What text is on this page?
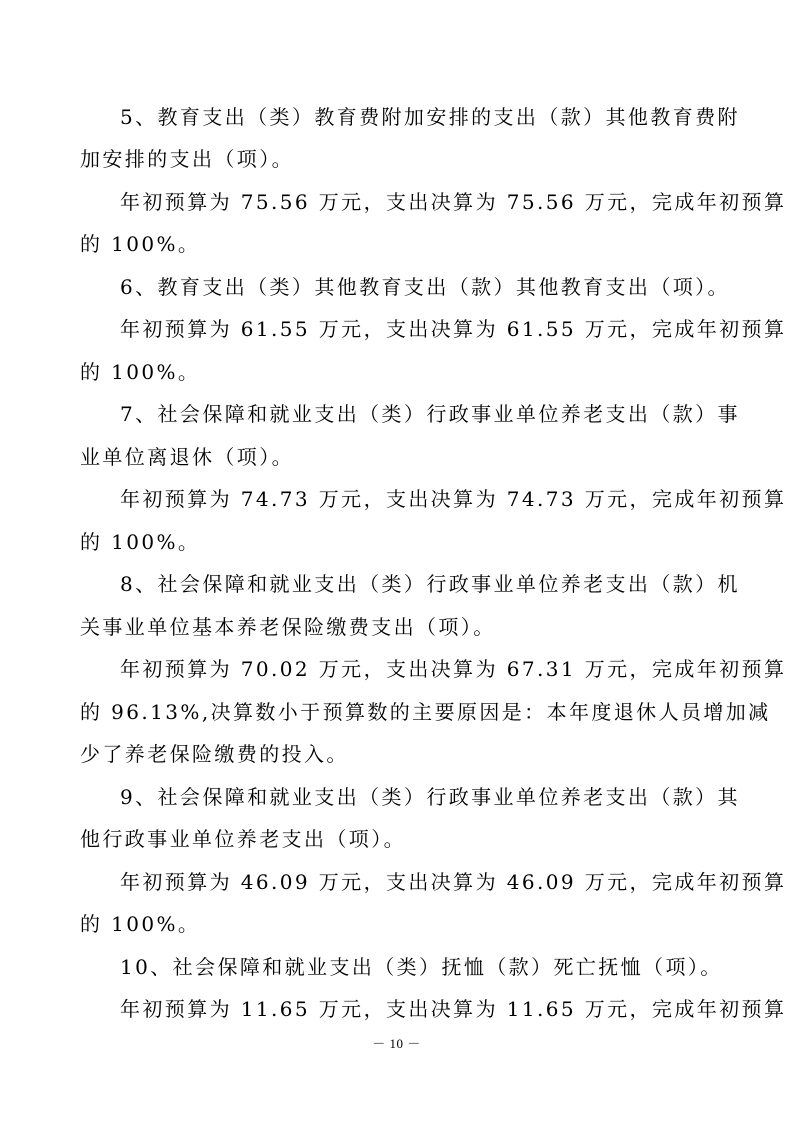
5、教育支出（类）教育费附加安排的支出（款）其他教育费附

加安排的支出（项）。

年初预算为 75.56 万元，支出决算为 75.56 万元，完成年初预算

的 100%。

6、教育支出（类）其他教育支出（款）其他教育支出（项）。

年初预算为 61.55 万元，支出决算为 61.55 万元，完成年初预算

的 100%。

7、社会保障和就业支出（类）行政事业单位养老支出（款）事

业单位离退休（项）。

年初预算为 74.73 万元，支出决算为 74.73 万元，完成年初预算

的 100%。

8、社会保障和就业支出（类）行政事业单位养老支出（款）机

关事业单位基本养老保险缴费支出（项）。

年初预算为 70.02 万元，支出决算为 67.31 万元，完成年初预算

的 96.13%,决算数小于预算数的主要原因是：本年度退休人员增加减

少了养老保险缴费的投入。

9、社会保障和就业支出（类）行政事业单位养老支出（款）其

他行政事业单位养老支出（项）。

年初预算为 46.09 万元，支出决算为 46.09 万元，完成年初预算

的 100%。

10、社会保障和就业支出（类）抚恤（款）死亡抚恤（项）。

年初预算为 11.65 万元，支出决算为 11.65 万元，完成年初预算

－ 10 －
